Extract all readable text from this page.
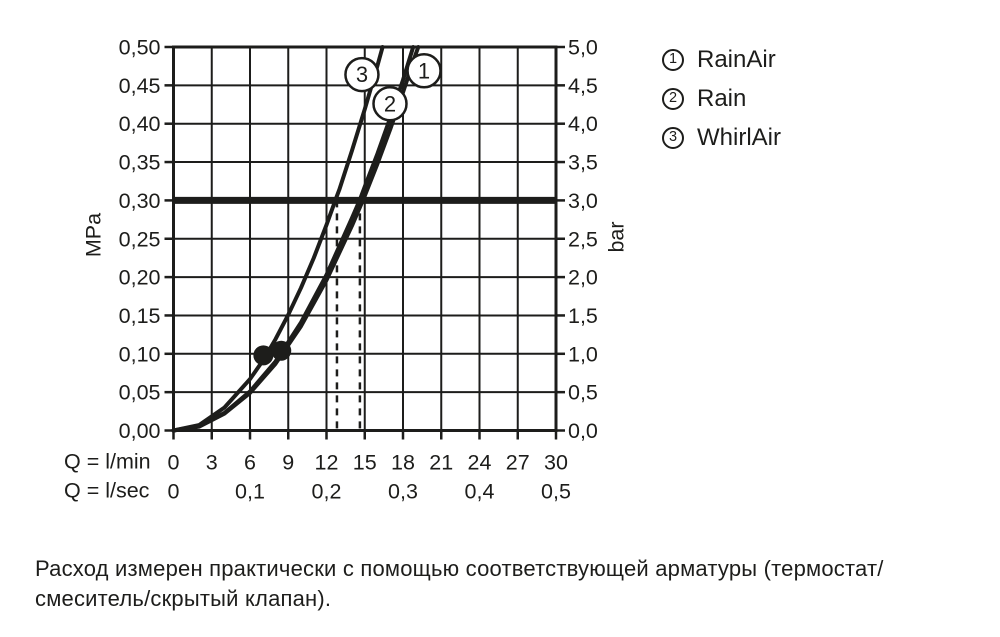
0,50
0,45
0,40
0,35
0,30
0,25
0,20
0,15
0,10
0,05
0,00
5,0
4,5
4,0
3,5
3,0
2,5
2,0
1,5
1,0
0,5
0,0
0 3 6 9 12 15 18 21 24 27 30
0	0,1 0,2 0,3 0,4 0,5
1
2
3
MPa	bar
Q = l/min
Q = l/sec
1 RainAir
2 Rain
3 WhirlAir
Расход измерен практически с помощью соответствующей арматуры (термостат/
смеситель/скрытый клапан).
